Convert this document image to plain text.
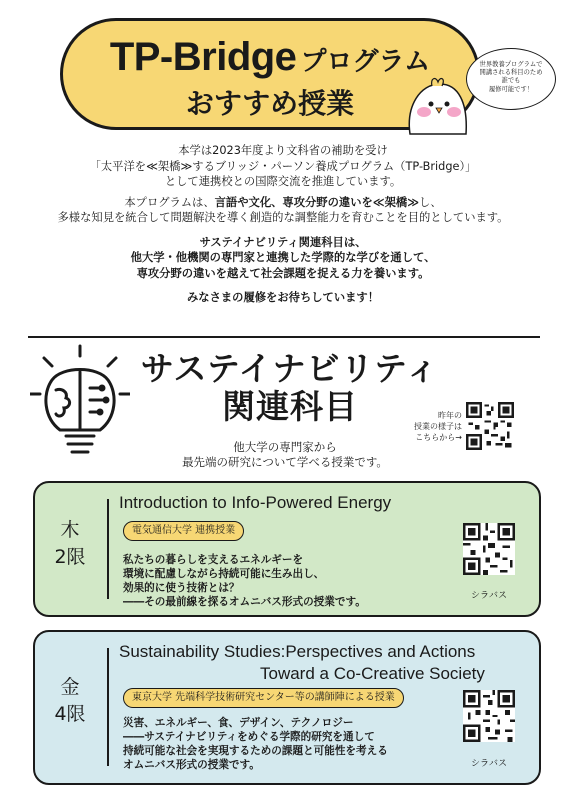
TP-Bridge プログラム
おすすめ授業
世界教養プログラムで
開講される科目のため
誰でも
履修可能です！

本学は2023年度より文科省の補助を受け
「太平洋を≪架橋≫するブリッジ・パーソン養成プログラム（TP-Bridge）」
として連携校との国際交流を推進しています。

本プログラムは、言語や文化、専攻分野の違いを≪架橋≫し、
多様な知見を統合して問題解決を導く創造的な調整能力を育むことを目的としています。

サステイナビリティ関連科目は、
他大学・他機関の専門家と連携した学際的な学びを通して、
専攻分野の違いを越えて社会課題を捉える力を養います。

みなさまの履修をお待ちしています！

サステイナビリティ
関連科目	昨年の
授業の様子は
こちらから→
他大学の専門家から
最先端の研究について学べる授業です。
木
2限
Introduction to Info-Powered Energy
電気通信大学 連携授業
私たちの暮らしを支えるエネルギーを
環境に配慮しながら持続可能に生み出し、
効果的に使う技術とは？
――その最前線を探るオムニバス形式の授業です。	シラバス
金
4限
Sustainability Studies:Perspectives and Actions
Toward a Co-Creative Society
東京大学 先端科学技術研究センター等の講師陣による授業
災害、エネルギー、食、デザイン、テクノロジー
――サステイナビリティをめぐる学際的研究を通して
持続可能な社会を実現するための課題と可能性を考える
オムニバス形式の授業です。	シラバス
